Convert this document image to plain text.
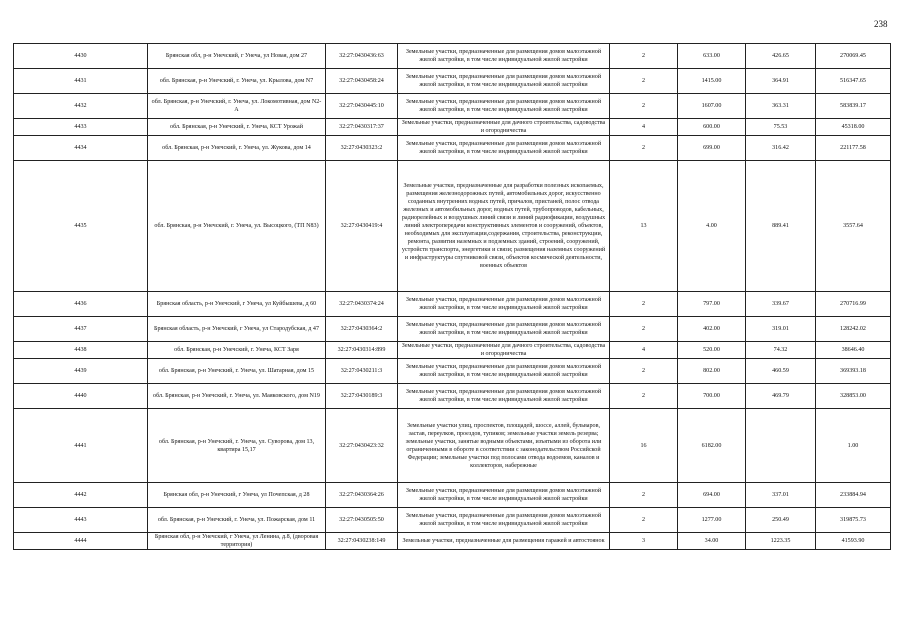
238
4430	Брянская обл, р-н Унечский, г Унеча, ул Новая, дом 27	32:27:0430436:63	Земельные участки, предназначенные для размещения домов малоэтажной жилой застройки, в том числе индивидуальной жилой застройки	2	633.00	426.65	270069.45
4431	обл. Брянская, р-н Унечский, г. Унеча, ул. Крылова, дом N7	32:27:0430458:24	Земельные участки, предназначенные для размещения домов малоэтажной жилой застройки, в том числе индивидуальной жилой застройки	2	1415.00	364.91	516347.65
4432	обл. Брянская, р-н Унечский, г. Унеча, ул. Локомотивная, дом N2- А	32:27:0430445:10	Земельные участки, предназначенные для размещения домов малоэтажной жилой застройки, в том числе индивидуальной жилой застройки	2	1607.00	363.31	583839.17
4433	обл. Брянская, р-н Унечский, г. Унеча, КСТ Урожай	32:27:0430317:37	Земельные участки, предназначенные для дачного строительства, садоводства и огородничества	4	600.00	75.53	45318.00
4434	обл. Брянская, р-н Унечский, г. Унеча, ул. Жукова, дом 14	32:27:0430323:2	Земельные участки, предназначенные для размещения домов малоэтажной жилой застройки, в том числе индивидуальной жилой застройки	2	699.00	316.42	221177.58
4435	обл. Брянская, р-н Унечский, г. Унеча, ул. Высоцкого, (ТП N83)	32:27:0430419:4	Земельные участки, предназначенные для разработки полезных ископаемых, размещения железнодорожных путей, автомобильных дорог, искусственно созданных внутренних водных путей, причалов, пристаней, полос отвода железных и автомобильных дорог, водных путей, трубопроводов, кабельных, радиорелейных и воздушных линий связи и линий радиофикации, воздушных линий электропередачи конструктивных элементов и сооружений, объектов, необходимых для эксплуатации,содержания, строительства, реконструкции, ремонта, развития наземных и подземных зданий, строений, сооружений, устройств транспорта, энергетики и связи; размещения наземных сооружений и инфраструктуры спутниковой связи, объектов космической деятельности, военных объектов	13	4.00	889.41	3557.64
4436	Брянская область, р-н Унечский, г Унеча, ул Куйбышева, д 60	32:27:0430374:24	Земельные участки, предназначенные для размещения домов малоэтажной жилой застройки, в том числе индивидуальной жилой застройки	2	797.00	339.67	270716.99
4437	Брянская область, р-н Унечский, г Унеча, ул Стародубская, д 47	32:27:0430364:2	Земельные участки, предназначенные для размещения домов малоэтажной жилой застройки, в том числе индивидуальной жилой застройки	2	402.00	319.01	128242.02
4438	обл. Брянская, р-н Унечский, г. Унеча, КСТ Заря	32:27:0430314:899	Земельные участки, предназначенные для дачного строительства, садоводства и огородничества	4	520.00	74.32	38646.40
4439	обл. Брянская, р-н Унечский, г. Унеча, ул. Шатарная, дом 15	32:27:0430211:3	Земельные участки, предназначенные для размещения домов малоэтажной жилой застройки, в том числе индивидуальной жилой застройки	2	802.00	460.59	369393.18
4440	обл. Брянская, р-н Унечский, г. Унеча, ул. Маяковского, дом N19	32:27:0430189:3	Земельные участки, предназначенные для размещения домов малоэтажной жилой застройки, в том числе индивидуальной жилой застройки	2	700.00	469.79	328853.00
4441	обл. Брянская, р-н Унечский, г. Унеча, ул. Суворова, дом 13, квартира 15,17	32:27:0430423:32	Земельные участки улиц, проспектов, площадей, шоссе, аллей, бульваров, застав, переулков, проездов, тупиков; земельные участки земель резерва; земельные участки, занятые водными объектами, изъятыми из оборота или ограниченными в обороте в соответствии с законодательством Российской Федерации; земельные участки под полосами отвода водоемов, каналов и коллекторов, набережные	16	6182.00		1.00
4442	Брянская обл, р-н Унечский, г Унеча, ул Почепская, д 28	32:27:0430364:26	Земельные участки, предназначенные для размещения домов малоэтажной жилой застройки, в том числе индивидуальной жилой застройки	2	694.00	337.01	233884.94
4443	обл. Брянская, р-н Унечский, г. Унеча, ул. Пожарская, дом 11	32:27:0430505:50	Земельные участки, предназначенные для размещения домов малоэтажной жилой застройки, в том числе индивидуальной жилой застройки	2	1277.00	250.49	319875.73
4444	Брянская обл, р-н Унечский, г Унеча, ул Ленина, д.8, (дворовая территория)	32:27:0430238:149	Земельные участки, предназначенные для размещения гаражей и автостоянок	3	34.00	1223.35	41593.90
